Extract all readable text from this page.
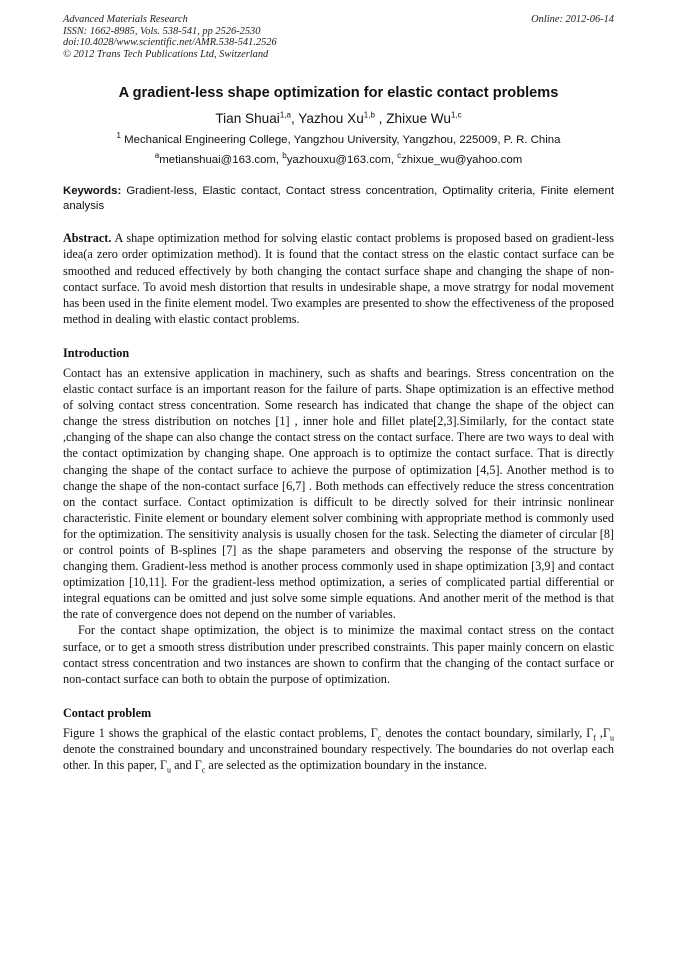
Advanced Materials Research
ISSN: 1662-8985, Vols. 538-541, pp 2526-2530
doi:10.4028/www.scientific.net/AMR.538-541.2526
© 2012 Trans Tech Publications Ltd, Switzerland
Online: 2012-06-14
A gradient-less shape optimization for elastic contact problems
Tian Shuai$^{1,a}$, Yazhou Xu$^{1,b}$ , Zhixue Wu$^{1,c}$
$^1$ Mechanical Engineering College, Yangzhou University, Yangzhou, 225009, P. R. China
$^a$metianshuai@163.com, $^b$yazhouxu@163.com, $^c$zhixue_wu@yahoo.com
Keywords: Gradient-less, Elastic contact, Contact stress concentration, Optimality criteria, Finite element analysis
Abstract. A shape optimization method for solving elastic contact problems is proposed based on gradient-less idea(a zero order optimization method). It is found that the contact stress on the elastic contact surface can be smoothed and reduced effectively by both changing the contact surface shape and changing the shape of non-contact surface. To avoid mesh distortion that results in undesirable shape, a move stratrgy for nodal movement has been used in the finite element model. Two examples are presented to show the effectiveness of the proposed method in dealing with elastic contact problems.
Introduction
Contact has an extensive application in machinery, such as shafts and bearings. Stress concentration on the elastic contact surface is an important reason for the failure of parts. Shape optimization is an effective method of solving contact stress concentration. Some research has indicated that change the shape of the object can change the stress distribution on notches [1] , inner hole and fillet plate[2,3].Similarly, for the contact state ,changing of the shape can also change the contact stress on the contact surface. There are two ways to deal with the contact optimization by changing shape. One approach is to optimize the contact surface. That is directly changing the shape of the contact surface to achieve the purpose of optimization [4,5]. Another method is to change the shape of the non-contact surface [6,7] . Both methods can effectively reduce the stress concentration on the contact surface. Contact optimization is difficult to be directly solved for their intrinsic nonlinear characteristic. Finite element or boundary element solver combining with appropriate method is commonly used for the optimization. The sensitivity analysis is usually chosen for the task. Selecting the diameter of circular [8] or control points of B-splines [7] as the shape parameters and observing the response of the structure by changing them. Gradient-less method is another process commonly used in shape optimization [3,9] and contact optimization [10,11]. For the gradient-less method optimization, a series of complicated partial differential or integral equations can be omitted and just solve some simple equations. And another merit of the method is that the rate of convergence does not depend on the number of variables.
For the contact shape optimization, the object is to minimize the maximal contact stress on the contact surface, or to get a smooth stress distribution under prescribed constraints. This paper mainly concern on elastic contact stress concentration and two instances are shown to confirm that the changing of the contact surface or non-contact surface can both to obtain the purpose of optimization.
Contact problem
Figure 1 shows the graphical of the elastic contact problems, $\Gamma_c$ denotes the contact boundary, similarly, $\Gamma_f$ $,\Gamma_u$ denote the constrained boundary and unconstrained boundary respectively. The boundaries do not overlap each other. In this paper, $\Gamma_u$ and $\Gamma_c$ are selected as the optimization boundary in the instance.
